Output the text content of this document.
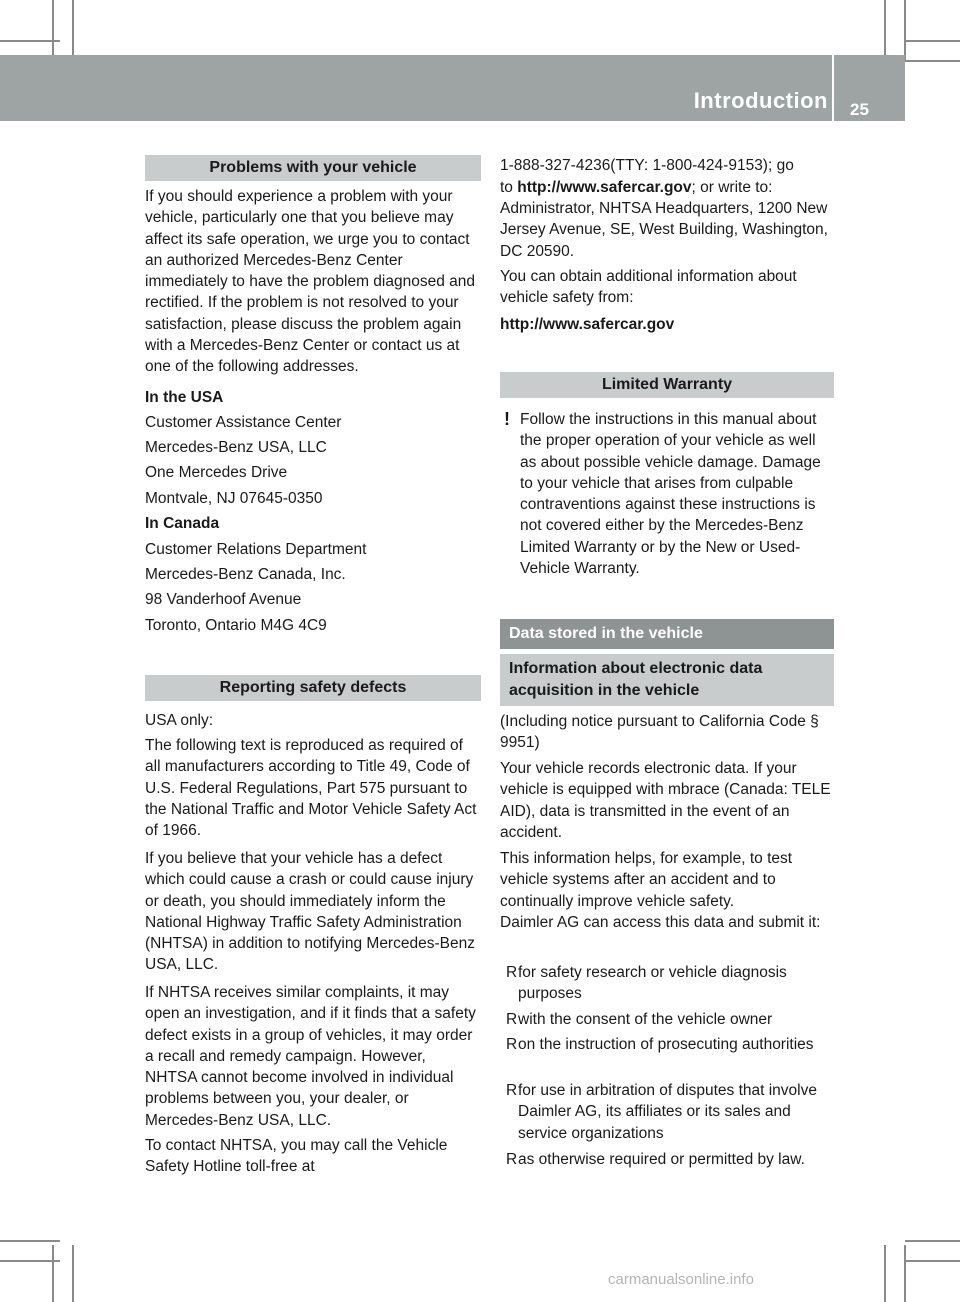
Introduction 25
Problems with your vehicle
If you should experience a problem with your vehicle, particularly one that you believe may affect its safe operation, we urge you to contact an authorized Mercedes-Benz Center immediately to have the problem diagnosed and rectified. If the problem is not resolved to your satisfaction, please discuss the problem again with a Mercedes-Benz Center or contact us at one of the following addresses.
In the USA
Customer Assistance Center
Mercedes-Benz USA, LLC
One Mercedes Drive
Montvale, NJ 07645-0350
In Canada
Customer Relations Department
Mercedes-Benz Canada, Inc.
98 Vanderhoof Avenue
Toronto, Ontario M4G 4C9
Reporting safety defects
USA only:
The following text is reproduced as required of all manufacturers according to Title 49, Code of U.S. Federal Regulations, Part 575 pursuant to the National Traffic and Motor Vehicle Safety Act of 1966.
If you believe that your vehicle has a defect which could cause a crash or could cause injury or death, you should immediately inform the National Highway Traffic Safety Administration (NHTSA) in addition to notifying Mercedes-Benz USA, LLC.
If NHTSA receives similar complaints, it may open an investigation, and if it finds that a safety defect exists in a group of vehicles, it may order a recall and remedy campaign. However, NHTSA cannot become involved in individual problems between you, your dealer, or Mercedes-Benz USA, LLC.
To contact NHTSA, you may call the Vehicle Safety Hotline toll-free at
1-888-327-4236(TTY: 1-800-424-9153); go
to http://www.safercar.gov; or write to:
Administrator, NHTSA Headquarters, 1200 New Jersey Avenue, SE, West Building, Washington, DC 20590.
You can obtain additional information about vehicle safety from:
http://www.safercar.gov
Limited Warranty
! Follow the instructions in this manual about the proper operation of your vehicle as well as about possible vehicle damage. Damage to your vehicle that arises from culpable contraventions against these instructions is not covered either by the Mercedes-Benz Limited Warranty or by the New or Used-Vehicle Warranty.
Data stored in the vehicle
Information about electronic data acquisition in the vehicle
(Including notice pursuant to California Code § 9951)
Your vehicle records electronic data. If your vehicle is equipped with mbrace (Canada: TELE AID), data is transmitted in the event of an accident.
This information helps, for example, to test vehicle systems after an accident and to continually improve vehicle safety.
Daimler AG can access this data and submit it:
R for safety research or vehicle diagnosis purposes
R with the consent of the vehicle owner
R on the instruction of prosecuting authorities
R for use in arbitration of disputes that involve Daimler AG, its affiliates or its sales and service organizations
R as otherwise required or permitted by law.
carmanualsonline.info
